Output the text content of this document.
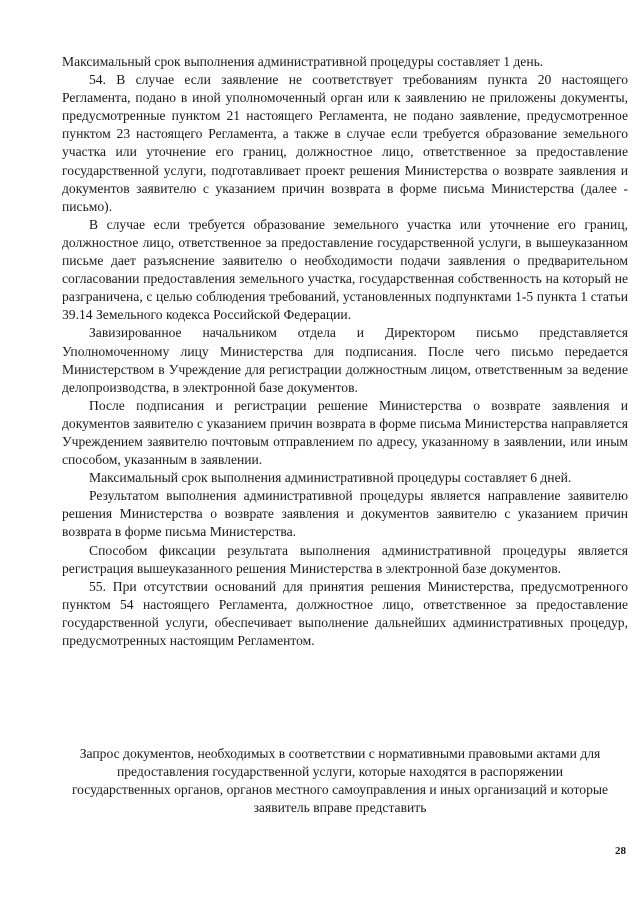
Максимальный срок выполнения административной процедуры составляет 1 день.

54. В случае если заявление не соответствует требованиям пункта 20 настоящего Регламента, подано в иной уполномоченный орган или к заявлению не приложены документы, предусмотренные пунктом 21 настоящего Регламента, не подано заявление, предусмотренное пунктом 23 настоящего Регламента, а также в случае если требуется образование земельного участка или уточнение его границ, должностное лицо, ответственное за предоставление государственной услуги, подготавливает проект решения Министерства о возврате заявления и документов заявителю с указанием причин возврата в форме письма Министерства (далее - письмо).

В случае если требуется образование земельного участка или уточнение его границ, должностное лицо, ответственное за предоставление государственной услуги, в вышеуказанном письме дает разъяснение заявителю о необходимости подачи заявления о предварительном согласовании предоставления земельного участка, государственная собственность на который не разграничена, с целью соблюдения требований, установленных подпунктами 1-5 пункта 1 статьи 39.14 Земельного кодекса Российской Федерации.

Завизированное начальником отдела и Директором письмо представляется Уполномоченному лицу Министерства для подписания. После чего письмо передается Министерством в Учреждение для регистрации должностным лицом, ответственным за ведение делопроизводства, в электронной базе документов.

После подписания и регистрации решение Министерства о возврате заявления и документов заявителю с указанием причин возврата в форме письма Министерства направляется Учреждением заявителю почтовым отправлением по адресу, указанному в заявлении, или иным способом, указанным в заявлении.

Максимальный срок выполнения административной процедуры составляет 6 дней.

Результатом выполнения административной процедуры является направление заявителю решения Министерства о возврате заявления и документов заявителю с указанием причин возврата в форме письма Министерства.

Способом фиксации результата выполнения административной процедуры является регистрация вышеуказанного решения Министерства в электронной базе документов.

55. При отсутствии оснований для принятия решения Министерства, предусмотренного пунктом 54 настоящего Регламента, должностное лицо, ответственное за предоставление государственной услуги, обеспечивает выполнение дальнейших административных процедур, предусмотренных настоящим Регламентом.

Запрос документов, необходимых в соответствии с нормативными правовыми актами для предоставления государственной услуги, которые находятся в распоряжении государственных органов, органов местного самоуправления и иных организаций и которые заявитель вправе представить

28
